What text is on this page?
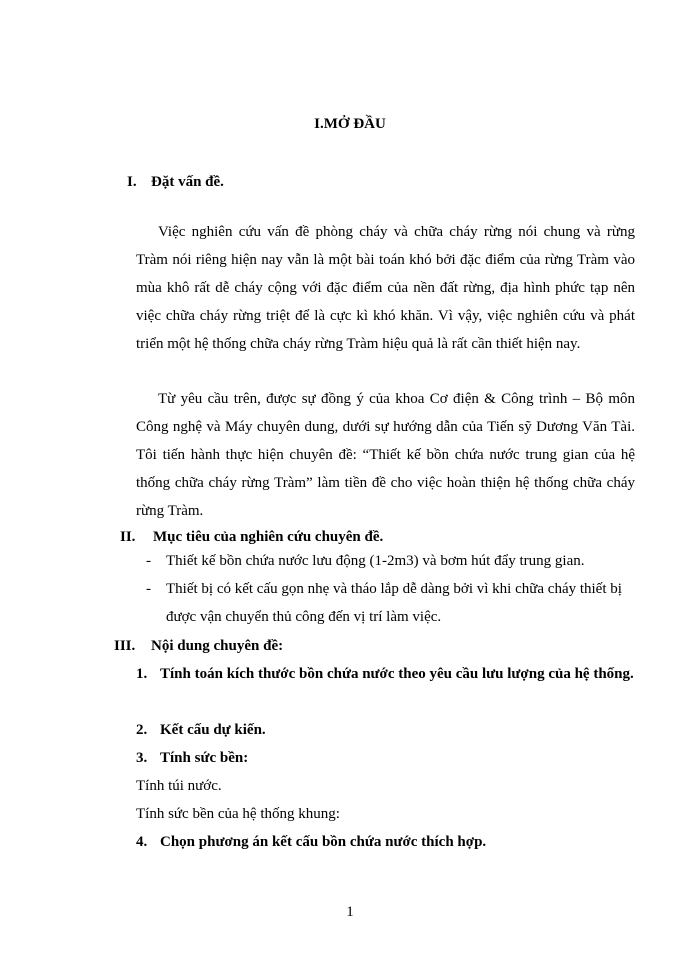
I.MỞ ĐẦU
I. Đặt vấn đề.
Việc nghiên cứu vấn đề phòng cháy và chữa cháy rừng nói chung và rừng Tràm nói riêng hiện nay vẫn là một bài toán khó bởi đặc điểm của rừng Tràm vào mùa khô rất dễ cháy cộng với đặc điểm của nền đất rừng, địa hình phức tạp nên việc chữa cháy rừng triệt để là cực kì khó khăn. Vì vậy, việc nghiên cứu và phát triển một hệ thống chữa cháy rừng Tràm hiệu quả là rất cần thiết hiện nay.
Từ yêu cầu trên, được sự đồng ý của khoa Cơ điện & Công trình – Bộ môn Công nghệ và Máy chuyên dung, dưới sự hướng dẫn của Tiến sỹ Dương Văn Tài. Tôi tiến hành thực hiện chuyên đề: “Thiết kế bồn chứa nước trung gian của hệ thống chữa cháy rừng Tràm” làm tiền đề cho việc hoàn thiện hệ thống chữa cháy rừng Tràm.
II. Mục tiêu của nghiên cứu chuyên đề.
-	Thiết kế bồn chứa nước lưu động (1-2m3) và bơm hút đẩy trung gian.
-	Thiết bị có kết cấu gọn nhẹ và tháo lắp dễ dàng bởi vì khi chữa cháy thiết bị được vận chuyển thủ công đến vị trí làm việc.
III. Nội dung chuyên đề:
1. Tính toán kích thước bồn chứa nước theo yêu cầu lưu lượng của hệ thống.
2. Kết cấu dự kiến.
3. Tính sức bền:
Tính túi nước.
Tính sức bền của hệ thống khung:
4. Chọn phương án kết cấu bồn chứa nước thích hợp.
1
